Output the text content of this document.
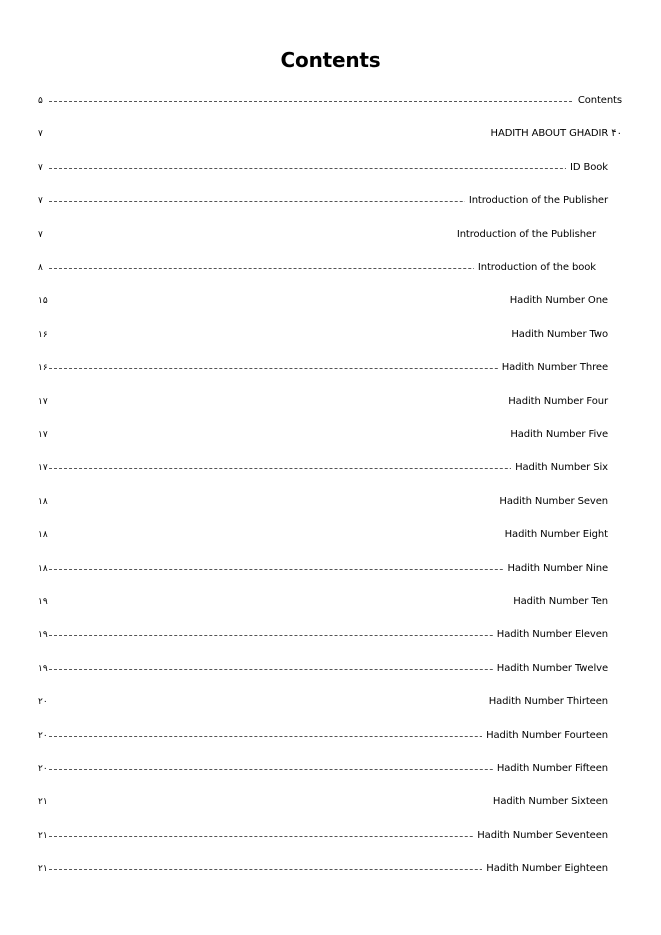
Contents
۵	Contents
۷	HADITH ABOUT GHADIR ۴۰
۷	ID Book
۷	Introduction of the Publisher
۷	Introduction of the Publisher
۸	Introduction of the book
۱۵	Hadith Number One
۱۶	Hadith Number Two
۱۶	Hadith Number Three
۱۷	Hadith Number Four
۱۷	Hadith Number Five
۱۷	Hadith Number Six
۱۸	Hadith Number Seven
۱۸	Hadith Number Eight
۱۸	Hadith Number Nine
۱۹	Hadith Number Ten
۱۹	Hadith Number Eleven
۱۹	Hadith Number Twelve
۲۰	Hadith Number Thirteen
۲۰	Hadith Number Fourteen
۲۰	Hadith Number Fifteen
۲۱	Hadith Number Sixteen
۲۱	Hadith Number Seventeen
۲۱	Hadith Number Eighteen
